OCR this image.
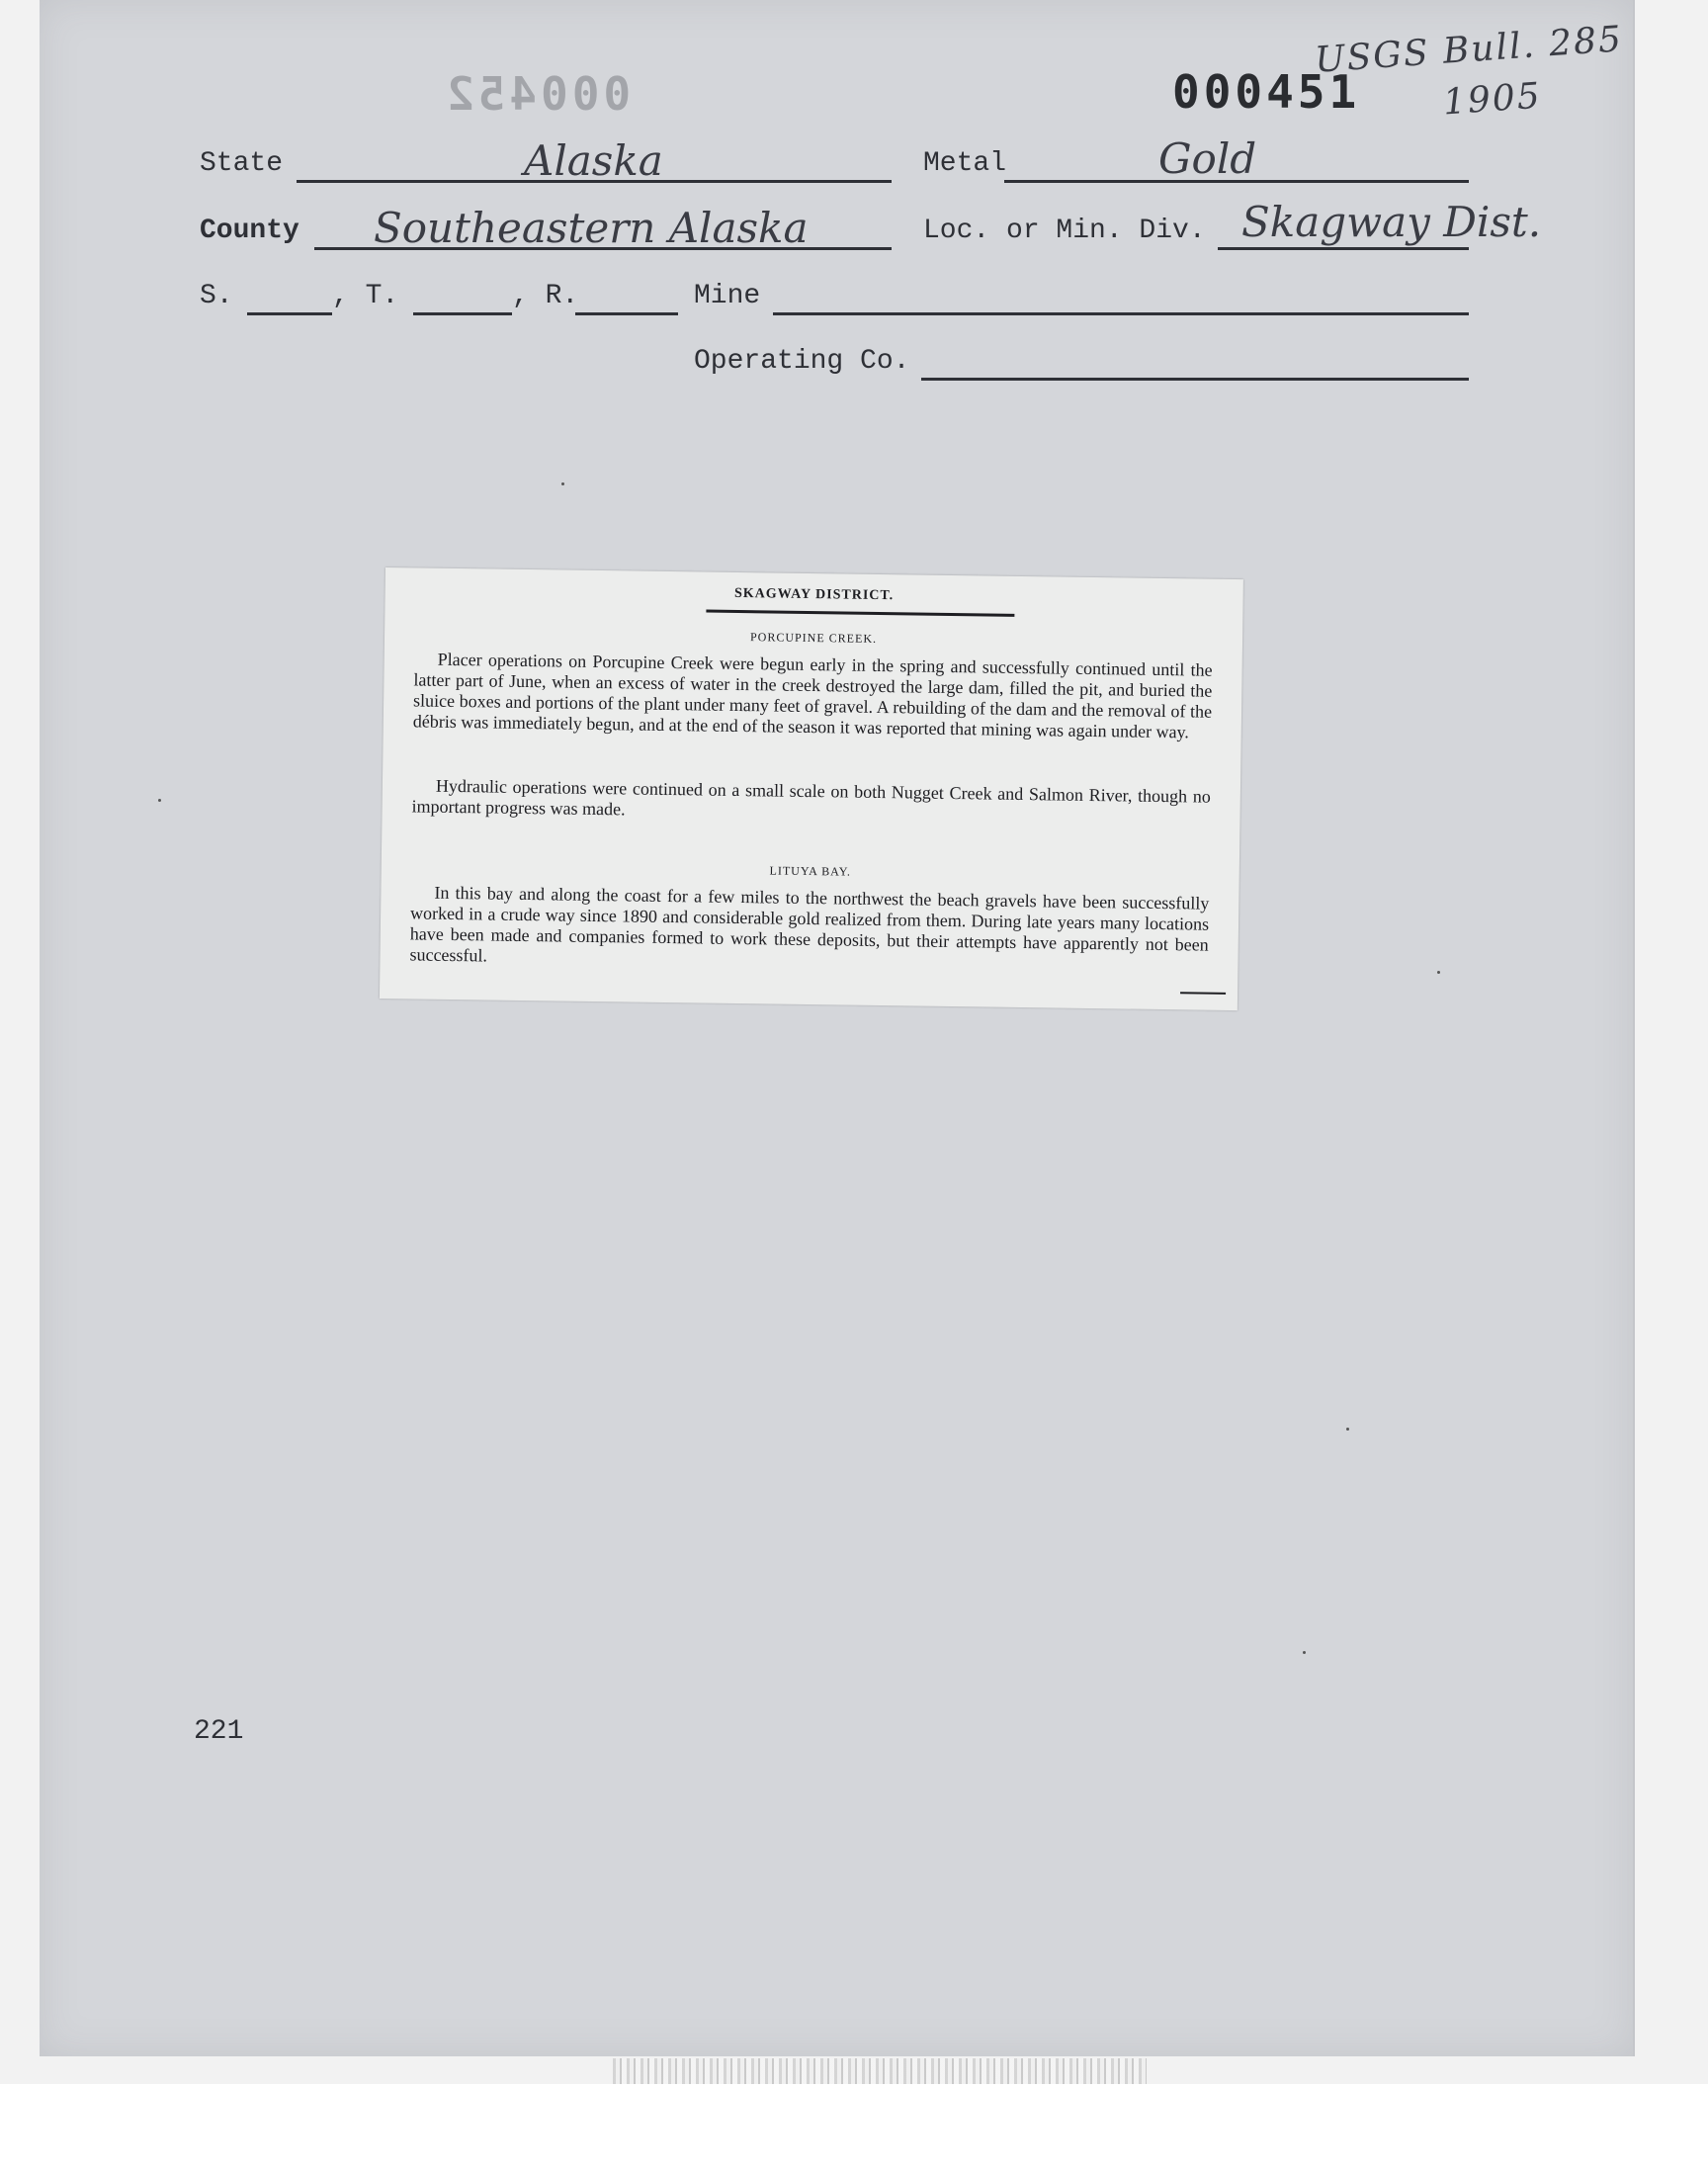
000452	000451
USGS Bull. 285
1905
State	Alaska	Metal	Gold
County Southeastern Alaska	Loc. or Min. Div. Skagway Dist.
S.	, T.	, R.	Mine
Operating Co.
SKAGWAY DISTRICT.
PORCUPINE CREEK.
Placer operations on Porcupine Creek were begun early in the spring and successfully continued until the latter part of June, when an excess of water in the creek destroyed the large dam, filled the pit, and buried the sluice boxes and portions of the plant under many feet of gravel. A rebuilding of the dam and the removal of the débris was immediately begun, and at the end of the season it was reported that mining was again under way.
Hydraulic operations were continued on a small scale on both Nugget Creek and Salmon River, though no important progress was made.
LITUYA BAY.
In this bay and along the coast for a few miles to the northwest the beach gravels have been successfully worked in a crude way since 1890 and considerable gold realized from them. During late years many locations have been made and companies formed to work these deposits, but their attempts have apparently not been successful.
221
